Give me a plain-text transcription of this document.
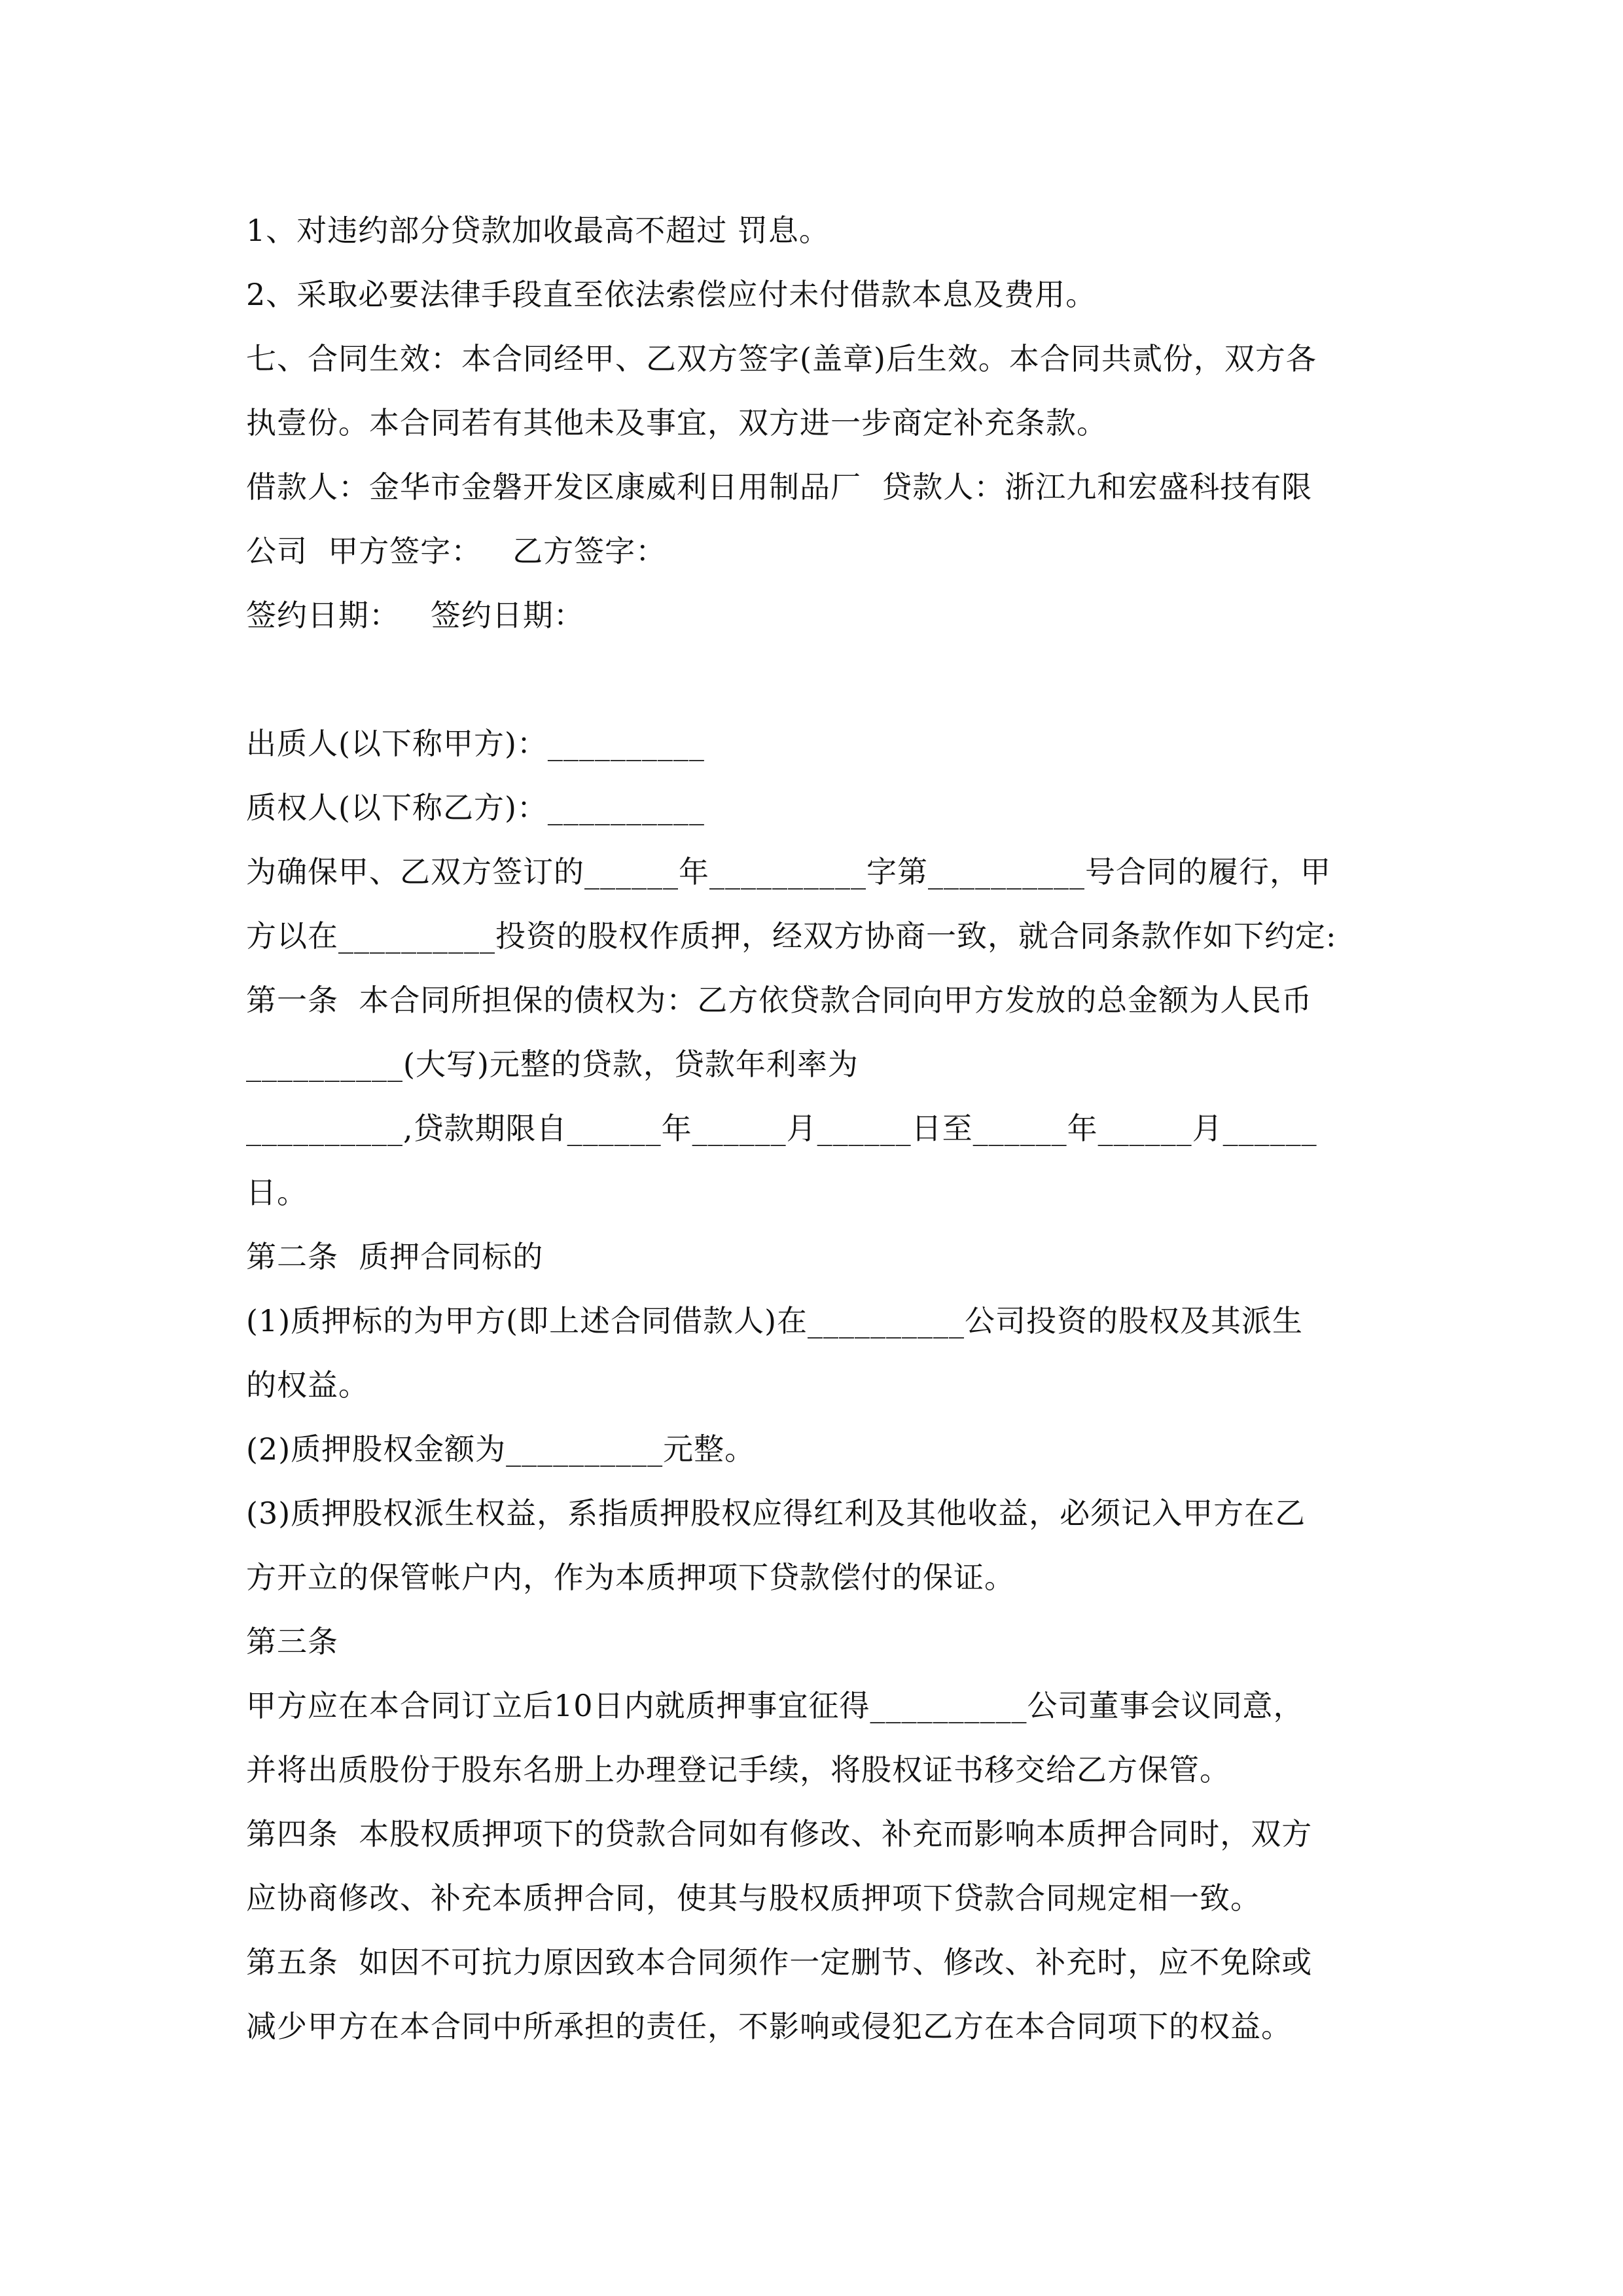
1、对违约部分贷款加收最高不超过 罚息。
2、采取必要法律手段直至依法索偿应付未付借款本息及费用。
七、合同生效：本合同经甲、乙双方签字(盖章)后生效。本合同共贰份，双方各
执壹份。本合同若有其他未及事宜，双方进一步商定补充条款。
借款人：金华市金磐开发区康威利日用制品厂  贷款人：浙江九和宏盛科技有限
公司  甲方签字：   乙方签字：
签约日期：   签约日期：
出质人(以下称甲方)：__________
质权人(以下称乙方)：__________
为确保甲、乙双方签订的______年__________字第__________号合同的履行，甲
方以在__________投资的股权作质押，经双方协商一致，就合同条款作如下约定:
第一条  本合同所担保的债权为：乙方依贷款合同向甲方发放的总金额为人民币
__________(大写)元整的贷款，贷款年利率为
__________,贷款期限自______年______月______日至______年______月______
日。
第二条  质押合同标的
(1)质押标的为甲方(即上述合同借款人)在__________公司投资的股权及其派生
的权益。
(2)质押股权金额为__________元整。
(3)质押股权派生权益，系指质押股权应得红利及其他收益，必须记入甲方在乙
方开立的保管帐户内，作为本质押项下贷款偿付的保证。
第三条
甲方应在本合同订立后10日内就质押事宜征得__________公司董事会议同意，
并将出质股份于股东名册上办理登记手续，将股权证书移交给乙方保管。
第四条  本股权质押项下的贷款合同如有修改、补充而影响本质押合同时，双方
应协商修改、补充本质押合同，使其与股权质押项下贷款合同规定相一致。
第五条  如因不可抗力原因致本合同须作一定删节、修改、补充时，应不免除或
减少甲方在本合同中所承担的责任，不影响或侵犯乙方在本合同项下的权益。
